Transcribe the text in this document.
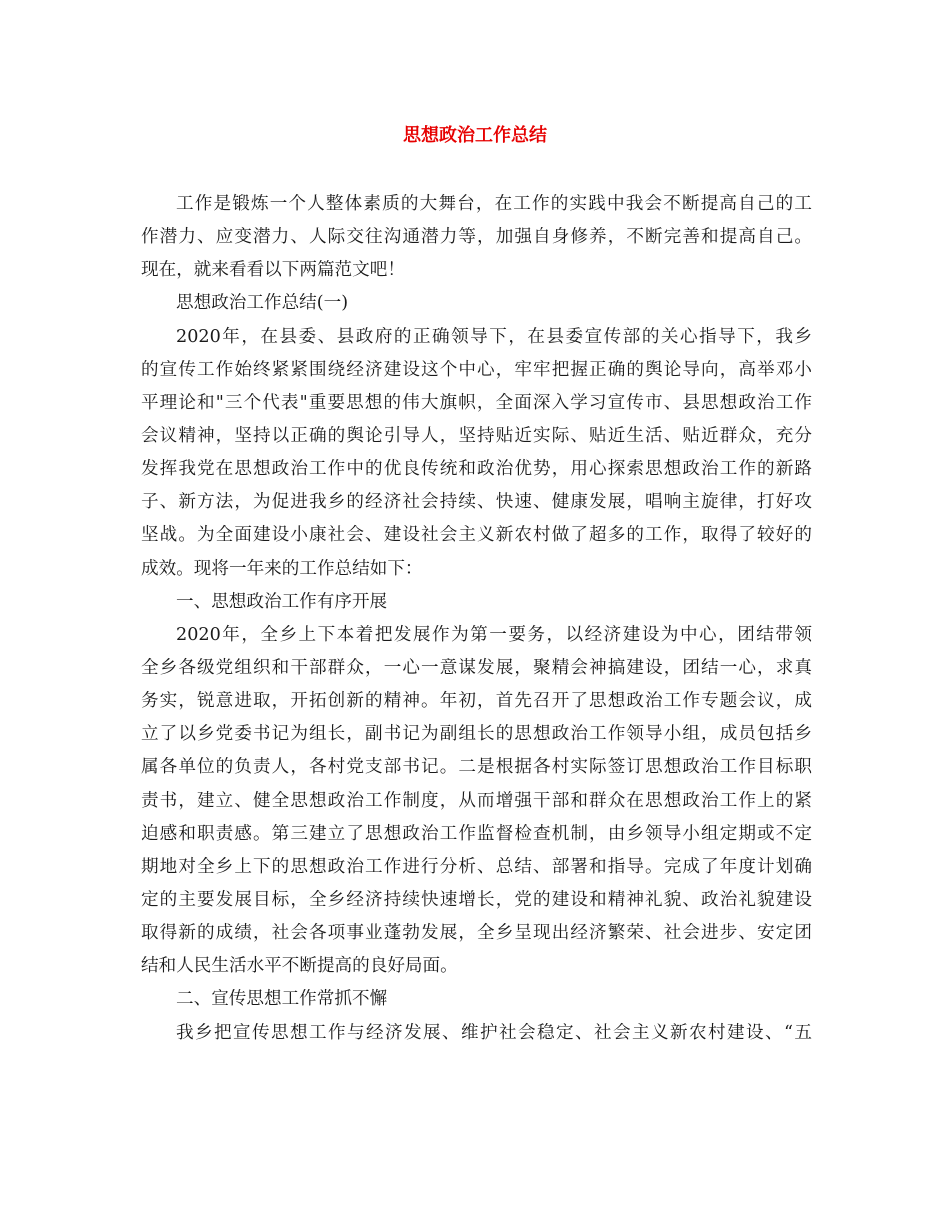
思想政治工作总结
工作是锻炼一个人整体素质的大舞台，在工作的实践中我会不断提高自己的工
作潜力、应变潜力、人际交往沟通潜力等，加强自身修养，不断完善和提高自己。
现在，就来看看以下两篇范文吧！
思想政治工作总结(一)
2020年，在县委、县政府的正确领导下，在县委宣传部的关心指导下，我乡
的宣传工作始终紧紧围绕经济建设这个中心，牢牢把握正确的舆论导向，高举邓小
平理论和"三个代表"重要思想的伟大旗帜，全面深入学习宣传市、县思想政治工作
会议精神，坚持以正确的舆论引导人，坚持贴近实际、贴近生活、贴近群众，充分
发挥我党在思想政治工作中的优良传统和政治优势，用心探索思想政治工作的新路
子、新方法，为促进我乡的经济社会持续、快速、健康发展，唱响主旋律，打好攻
坚战。为全面建设小康社会、建设社会主义新农村做了超多的工作，取得了较好的
成效。现将一年来的工作总结如下：
一、思想政治工作有序开展
2020年，全乡上下本着把发展作为第一要务，以经济建设为中心，团结带领
全乡各级党组织和干部群众，一心一意谋发展，聚精会神搞建设，团结一心，求真
务实，锐意进取，开拓创新的精神。年初，首先召开了思想政治工作专题会议，成
立了以乡党委书记为组长，副书记为副组长的思想政治工作领导小组，成员包括乡
属各单位的负责人，各村党支部书记。二是根据各村实际签订思想政治工作目标职
责书，建立、健全思想政治工作制度，从而增强干部和群众在思想政治工作上的紧
迫感和职责感。第三建立了思想政治工作监督检查机制，由乡领导小组定期或不定
期地对全乡上下的思想政治工作进行分析、总结、部署和指导。完成了年度计划确
定的主要发展目标，全乡经济持续快速增长，党的建设和精神礼貌、政治礼貌建设
取得新的成绩，社会各项事业蓬勃发展，全乡呈现出经济繁荣、社会进步、安定团
结和人民生活水平不断提高的良好局面。
二、宣传思想工作常抓不懈
我乡把宣传思想工作与经济发展、维护社会稳定、社会主义新农村建设、“五
